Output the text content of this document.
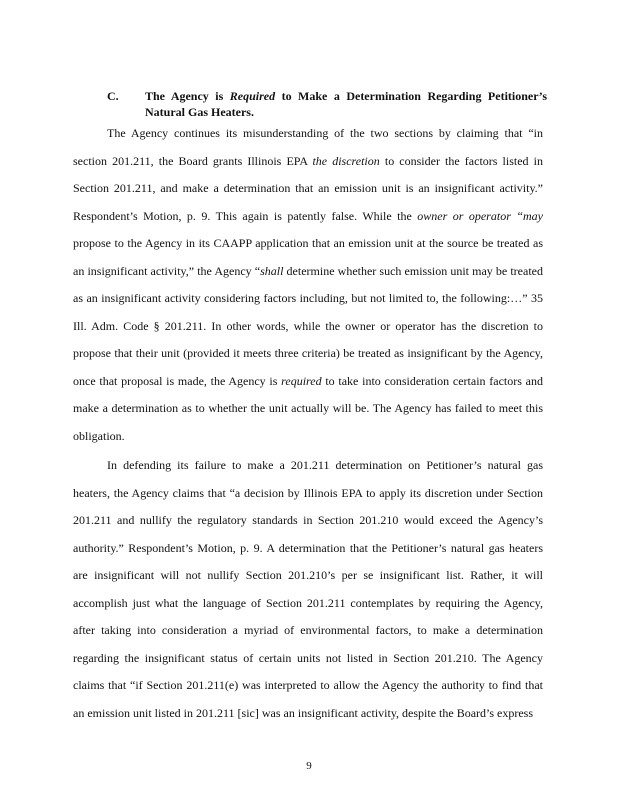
C. The Agency is Required to Make a Determination Regarding Petitioner’s Natural Gas Heaters.

The Agency continues its misunderstanding of the two sections by claiming that “in section 201.211, the Board grants Illinois EPA the discretion to consider the factors listed in Section 201.211, and make a determination that an emission unit is an insignificant activity.” Respondent’s Motion, p. 9. This again is patently false. While the owner or operator “may propose to the Agency in its CAAPP application that an emission unit at the source be treated as an insignificant activity,” the Agency “shall determine whether such emission unit may be treated as an insignificant activity considering factors including, but not limited to, the following:…” 35 Ill. Adm. Code § 201.211. In other words, while the owner or operator has the discretion to propose that their unit (provided it meets three criteria) be treated as insignificant by the Agency, once that proposal is made, the Agency is required to take into consideration certain factors and make a determination as to whether the unit actually will be. The Agency has failed to meet this obligation.

In defending its failure to make a 201.211 determination on Petitioner’s natural gas heaters, the Agency claims that “a decision by Illinois EPA to apply its discretion under Section 201.211 and nullify the regulatory standards in Section 201.210 would exceed the Agency’s authority.” Respondent’s Motion, p. 9. A determination that the Petitioner’s natural gas heaters are insignificant will not nullify Section 201.210’s per se insignificant list. Rather, it will accomplish just what the language of Section 201.211 contemplates by requiring the Agency, after taking into consideration a myriad of environmental factors, to make a determination regarding the insignificant status of certain units not listed in Section 201.210. The Agency claims that “if Section 201.211(e) was interpreted to allow the Agency the authority to find that an emission unit listed in 201.211 [sic] was an insignificant activity, despite the Board’s express

9
